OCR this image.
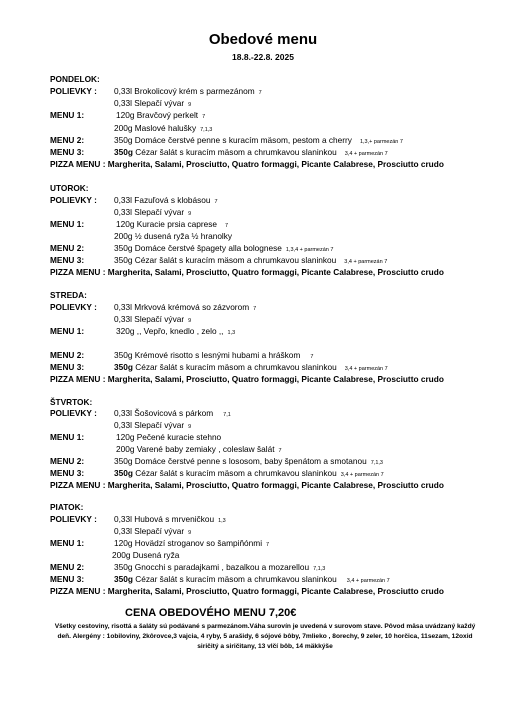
Obedové menu
18.8.-22.8. 2025
PONDELOK:
POLIEVKY : 0,33l Brokolicový krém s parmezánom 7
0,33l Slepačí vývar 9
MENU 1:	120g Bravčový perkelt 7
200g Maslové halušky 7,1,3
MENU 2:	350g Domáce čerstvé penne s kuracím mäsom, pestom a cherry 1,3,+ parmezán 7
MENU 3:	350g Cézar šalát s kuracím mäsom a chrumkavou slaninkou 3,4 + parmezán 7
PIZZA MENU : Margherita, Salami, Prosciutto, Quatro formaggi, Picante Calabrese, Prosciutto crudo
UTOROK:
POLIEVKY : 0,33l Fazuľová s klobásou 7
0,33l Slepačí vývar 9
MENU 1:	120g Kuracie prsia caprese 7
200g ½ dusená ryža ½ hranolky
MENU 2:	350g Domáce čerstvé špagety alla bolognese 1,3,4 + parmezán 7
MENU 3:	350g Cézar šalát s kuracím mäsom a chrumkavou slaninkou 3,4 + parmezán 7
PIZZA MENU : Margherita, Salami, Prosciutto, Quatro formaggi, Picante Calabrese, Prosciutto crudo
STREDA:
POLIEVKY : 0,33l Mrkvová krémová so zázvorom 7
0,33l Slepačí vývar 9
MENU 1:	320g ,, Vepřo, knedlo , zelo ,, 1,3
MENU 2:	350g Krémové risotto s lesnými hubami a hráškom 7
MENU 3:	350g Cézar šalát s kuracím mäsom a chrumkavou slaninkou 3,4 + parmezán 7
PIZZA MENU : Margherita, Salami, Prosciutto, Quatro formaggi, Picante Calabrese, Prosciutto crudo
ŠTVRTOK:
POLIEVKY : 0,33l Šošovicová s párkom 7,1
0,33l Slepačí vývar 9
MENU 1:	120g Pečené kuracie stehno
200g Varené baby zemiaky , coleslaw šalát 7
MENU 2:	350g Domáce čerstvé penne s lososom, baby špenátom a smotanou 7,1,3
MENU 3:	350g Cézar šalát s kuracím mäsom a chrumkavou slaninkou 3,4 + parmezán 7
PIZZA MENU : Margherita, Salami, Prosciutto, Quatro formaggi, Picante Calabrese, Prosciutto crudo
PIATOK:
POLIEVKY : 0,33l Hubová s mrveničkou 1,3
0,33l Slepačí vývar 9
MENU 1:	120g Hovädzí stroganov so šampiňónmi 7
200g Dusená ryža
MENU 2:	350g Gnocchi s paradajkami , bazalkou a mozarellou 7,1,3
MENU 3:	350g Cézar šalát s kuracím mäsom a chrumkavou slaninkou 3,4 + parmezán 7
PIZZA MENU : Margherita, Salami, Prosciutto, Quatro formaggi, Picante Calabrese, Prosciutto crudo
CENA OBEDOVÉHO MENU 7,20€
Všetky cestoviny, risottá a šaláty sú podávané s parmezánom.Váha surovín je uvedená v surovom stave. Pôvod mäsa uvádzaný každý deň. Alergény : 1obiloviny, 2kôrovce,3 vajcia, 4 ryby, 5 arašidy, 6 sójové bôby, 7mlieko , 8orechy, 9 zeler, 10 horčica, 11sezam, 12oxid siričitý a siričitany, 13 vlčí bôb, 14 mäkkýše
